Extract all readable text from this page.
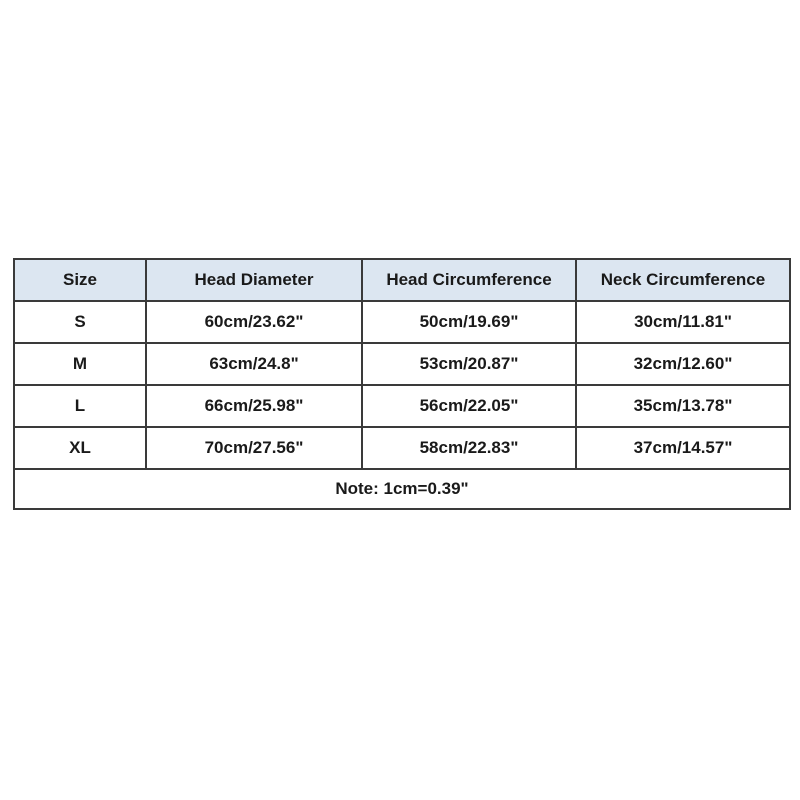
Size	Head Diameter	Head Circumference	Neck Circumference
S	60cm/23.62"	50cm/19.69"	30cm/11.81"
M	63cm/24.8"	53cm/20.87"	32cm/12.60"
L	66cm/25.98"	56cm/22.05"	35cm/13.78"
XL	70cm/27.56"	58cm/22.83"	37cm/14.57"
Note: 1cm=0.39"			
